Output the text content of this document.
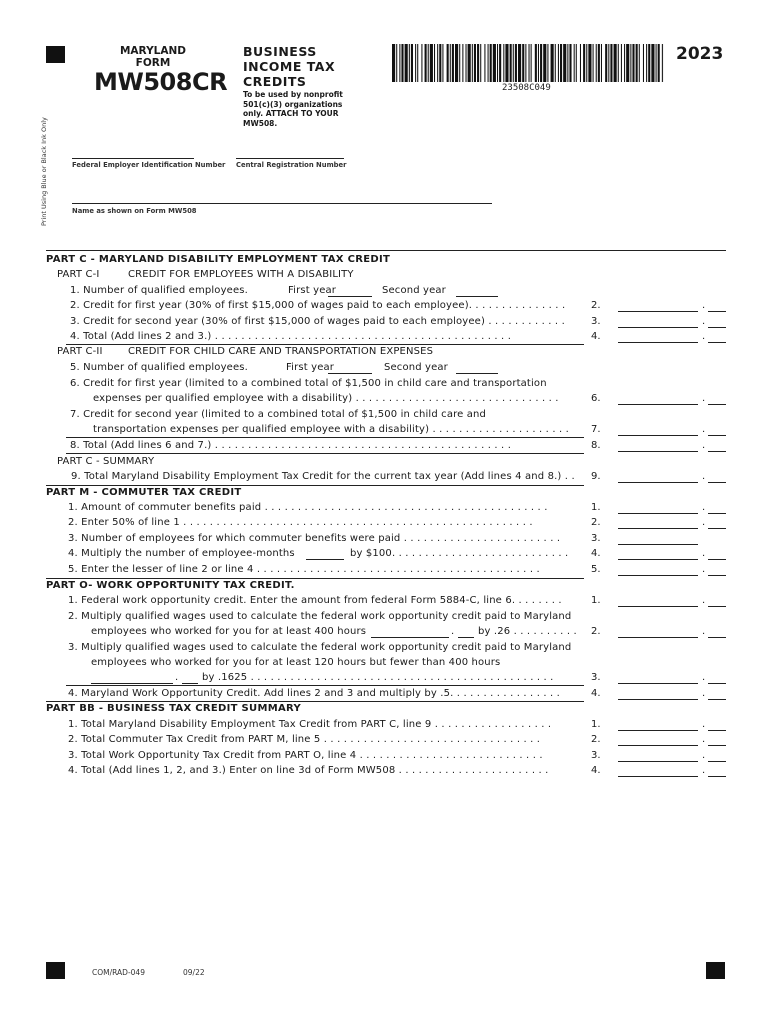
Print Using Blue or Black Ink Only
MARYLAND
FORM
MW508CR
BUSINESS
INCOME TAX
CREDITS
To be used by nonprofit
501(c)(3) organizations
only. ATTACH TO YOUR
MW508.
23508C049
2023
Federal Employer Identification Number Central Registration Number
Name as shown on Form MW508
PART C - MARYLAND DISABILITY EMPLOYMENT TAX CREDIT
PART C-I	CREDIT FOR EMPLOYEES WITH A DISABILITY
1. Number of qualified employees.	First year	Second year
2. Credit for first year (30% of first $15,000 of wages paid to each employee). . . . . . . . . . . . . . .	2.	.
3. Credit for second year (30% of first $15,000 of wages paid to each employee) . . . . . . . . . . . .	3.	.
4. Total (Add lines 2 and 3.) . . . . . . . . . . . . . . . . . . . . . . . . . . . . . . . . . . . . . . . . . . . . .	4.	.
PART C-II	CREDIT FOR CHILD CARE AND TRANSPORTATION EXPENSES
5. Number of qualified employees.	First year	Second year
6. Credit for first year (limited to a combined total of $1,500 in child care and transportation
expenses per qualified employee with a disability) . . . . . . . . . . . . . . . . . . . . . . . . . . . . . . .	6.	.
7. Credit for second year (limited to a combined total of $1,500 in child care and
transportation expenses per qualified employee with a disability) . . . . . . . . . . . . . . . . . . . . . 7.	.
8. Total (Add lines 6 and 7.) . . . . . . . . . . . . . . . . . . . . . . . . . . . . . . . . . . . . . . . . . . . . .	8.	.
PART C - SUMMARY
9. Total Maryland Disability Employment Tax Credit for the current tax year (Add lines 4 and 8.) . . 9.	.
PART M - COMMUTER TAX CREDIT
1. Amount of commuter benefits paid . . . . . . . . . . . . . . . . . . . . . . . . . . . . . . . . . . . . . . . . . . .	1.	.
2. Enter 50% of line 1 . . . . . . . . . . . . . . . . . . . . . . . . . . . . . . . . . . . . . . . . . . . . . . . . . . . . .	2.	.
3. Number of employees for which commuter benefits were paid . . . . . . . . . . . . . . . . . . . . . . . .	3.
4. Multiply the number of employee-months	by $100. . . . . . . . . . . . . . . . . . . . . . . . . . . 4.	.
5. Enter the lesser of line 2 or line 4 . . . . . . . . . . . . . . . . . . . . . . . . . . . . . . . . . . . . . . . . . . .	5.	.
PART O- WORK OPPORTUNITY TAX CREDIT.
1. Federal work opportunity credit. Enter the amount from federal Form 5884-C, line 6. . . . . . . .	1.	.
2. Multiply qualified wages used to calculate the federal work opportunity credit paid to Maryland
employees who worked for you for at least 400 hours	. by .26 . . . . . . . . . . 2.	.
3. Multiply qualified wages used to calculate the federal work opportunity credit paid to Maryland
employees who worked for you for at least 120 hours but fewer than 400 hours
. by .1625 . . . . . . . . . . . . . . . . . . . . . . . . . . . . . . . . . . . . . . . . . . . . . .	3.	.
4. Maryland Work Opportunity Credit. Add lines 2 and 3 and multiply by .5. . . . . . . . . . . . . . . . .	4.	.
PART BB - BUSINESS TAX CREDIT SUMMARY
1. Total Maryland Disability Employment Tax Credit from PART C, line 9 . . . . . . . . . . . . . . . . . .	1.	.
2. Total Commuter Tax Credit from PART M, line 5 . . . . . . . . . . . . . . . . . . . . . . . . . . . . . . . . .	2.	.
3. Total Work Opportunity Tax Credit from PART O, line 4 . . . . . . . . . . . . . . . . . . . . . . . . . . . .	3.	.
4. Total (Add lines 1, 2, and 3.) Enter on line 3d of Form MW508 . . . . . . . . . . . . . . . . . . . . . . .	4.	.
COM/RAD-049	09/22
